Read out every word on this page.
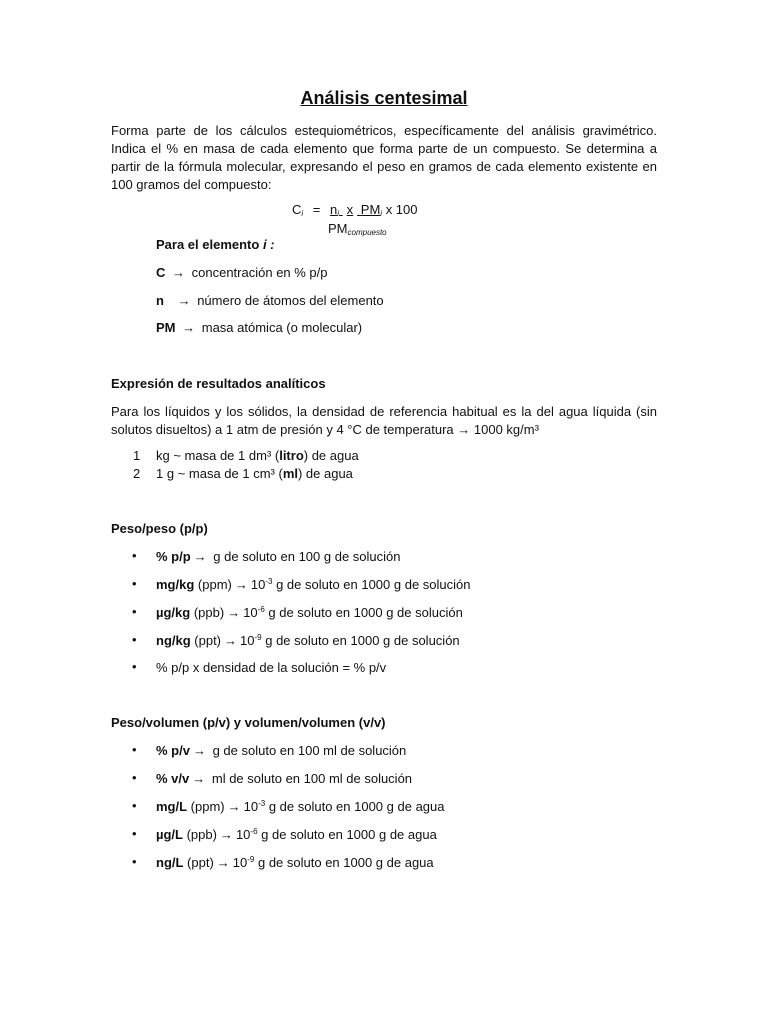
Análisis centesimal
Forma parte de los cálculos estequiométricos, específicamente del análisis gravimétrico. Indica el % en masa de cada elemento que forma parte de un compuesto. Se determina a partir de la fórmula molecular, expresando el peso en gramos de cada elemento existente en 100 gramos del compuesto:
$C_i = n_i$ x $PM_i$ x 100
$PM_{compuesto}$
Para el elemento i :
C → concentración en % p/p
n → número de átomos del elemento
PM → masa atómica (o molecular)
Expresión de resultados analíticos
Para los líquidos y los sólidos, la densidad de referencia habitual es la del agua líquida (sin solutos disueltos) a 1 atm de presión y 4 °C de temperatura → 1000 kg/m³
1 kg ~ masa de 1 dm³ (litro) de agua
2 1 g ~ masa de 1 cm³ (ml) de agua
Peso/peso (p/p)
• % p/p → g de soluto en 100 g de solución
• mg/kg $(ppm) \to 10^{-3}$ g de soluto en 1000 g de solución
• µg/kg $(ppb) \to 10^{-6}$ g de soluto en 1000 g de solución
• ng/kg $(ppt) \to 10^{-9}$ g de soluto en 1000 g de solución
• % p/p x densidad de la solución = % p/v
Peso/volumen (p/v) y volumen/volumen (v/v)
• % p/v → g de soluto en 100 ml de solución
• % v/v → ml de soluto en 100 ml de solución
• mg/L $(ppm) \to 10^{-3}$ g de soluto en 1000 g de agua
• µg/L $(ppb) \to 10^{-6}$ g de soluto en 1000 g de agua
• ng/L $(ppt) \to 10^{-9}$ g de soluto en 1000 g de agua
